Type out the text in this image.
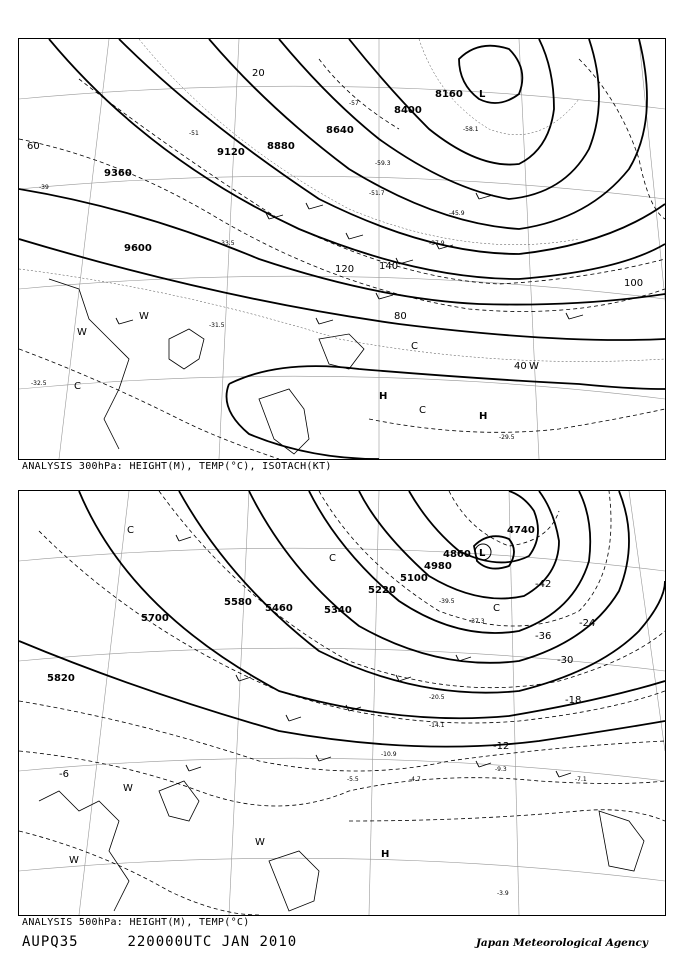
9600
9360
9120
8880
8640
8400
8160
20
40
60
80
100
120 140
-31.5
-32.5
-29.5
-33.5	-37.9
-45.9
-51.7
-58.1
-59.3
-57
-51
-39
L
H
H
C
C
W
W
W
C
ANALYSIS 300hPa: HEIGHT(M), TEMP(°C), ISOTACH(KT)
5820
5700
5580
5460	5340
5220
5100
4980
4860
4740
-6
-12
-18
-24
-30
-36
-42
-9.3
-7.1
-4.7
-5.5
-10.9
-3.9
-14.1
-20.5
-37.3
-39.5
L
H
W
W
W
C
C
C
ANALYSIS 500hPa: HEIGHT(M), TEMP(°C)
AUPQ35	220000UTC JAN 2010	Japan Meteorological Agency
